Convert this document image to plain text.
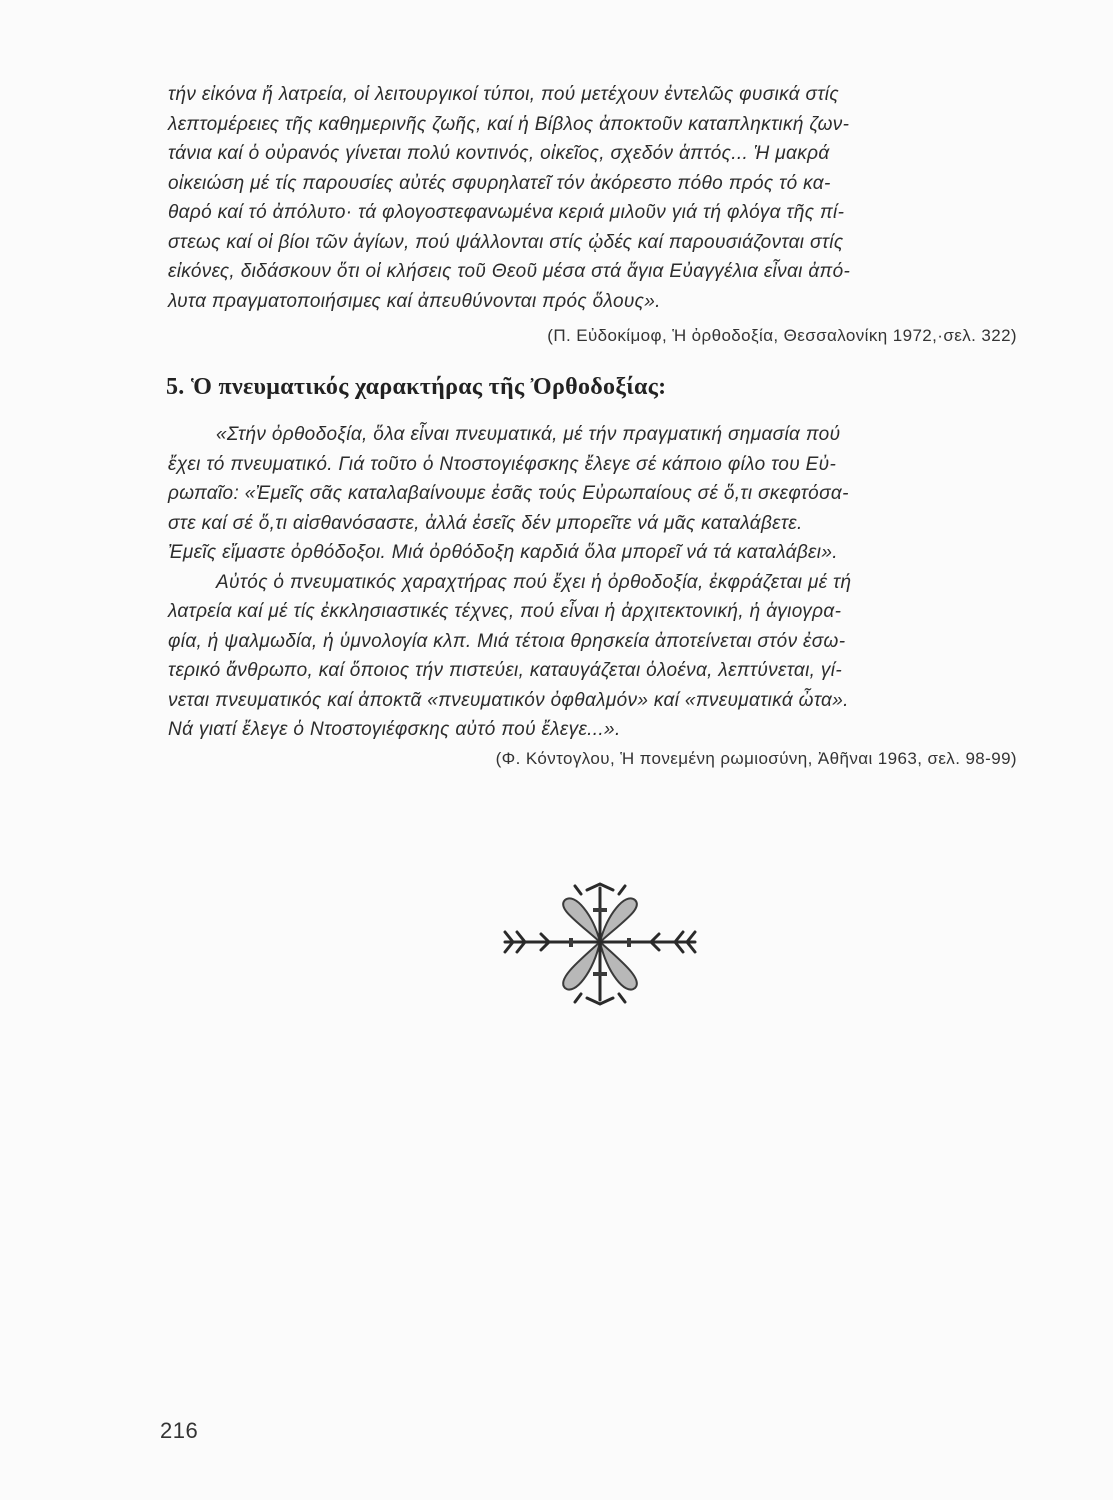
τήν εἰκόνα ἤ λατρεία, οἱ λειτουργικοί τύποι, πού μετέχουν ἐντελῶς φυσικά στίς
λεπτομέρειες τῆς καθημερινῆς ζωῆς, καί ἡ Βίβλος ἀποκτοῦν καταπληκτική ζων-
τάνια καί ὁ οὐρανός γίνεται πολύ κοντινός, οἰκεῖος, σχεδόν ἁπτός... Ἡ μακρά
οἰκειώση μέ τίς παρουσίες αὐτές σφυρηλατεῖ τόν ἀκόρεστο πόθο πρός τό κα-
θαρό καί τό ἀπόλυτο· τά φλογοστεφανωμένα κεριά μιλοῦν γιά τή φλόγα τῆς πί-
στεως καί οἱ βίοι τῶν ἁγίων, πού ψάλλονται στίς ᾠδές καί παρουσιάζονται στίς
εἰκόνες, διδάσκουν ὅτι οἱ κλήσεις τοῦ Θεοῦ μέσα στά ἅγια Εὐαγγέλια εἶναι ἀπό-
λυτα πραγματοποιήσιμες καί ἀπευθύνονται πρός ὅλους».
(Π. Εὐδοκίμοφ, Ἡ ὀρθοδοξία, Θεσσαλονίκη 1972,·σελ. 322)
5. Ὁ πνευματικός χαρακτήρας τῆς Ὀρθοδοξίας:
«Στήν ὀρθοδοξία, ὅλα εἶναι πνευματικά, μέ τήν πραγματική σημασία πού
ἔχει τό πνευματικό. Γιά τοῦτο ὁ Ντοστογιέφσκης ἔλεγε σέ κάποιο φίλο του Εὐ-
ρωπαῖο: «Ἐμεῖς σᾶς καταλαβαίνουμε ἐσᾶς τούς Εὐρωπαίους σέ ὅ,τι σκεφτόσα-
στε καί σέ ὅ,τι αἰσθανόσαστε, ἀλλά ἐσεῖς δέν μπορεῖτε νά μᾶς καταλάβετε.
Ἐμεῖς εἴμαστε ὀρθόδοξοι. Μιά ὀρθόδοξη καρδιά ὅλα μπορεῖ νά τά καταλάβει».
Αὐτός ὁ πνευματικός χαραχτήρας πού ἔχει ἡ ὀρθοδοξία, ἐκφράζεται μέ τή
λατρεία καί μέ τίς ἐκκλησιαστικές τέχνες, πού εἶναι ἡ ἀρχιτεκτονική, ἡ ἁγιογρα-
φία, ἡ ψαλμωδία, ἡ ὑμνολογία κλπ. Μιά τέτοια θρησκεία ἀποτείνεται στόν ἐσω-
τερικό ἄνθρωπο, καί ὅποιος τήν πιστεύει, καταυγάζεται ὁλοένα, λεπτύνεται, γί-
νεται πνευματικός καί ἀποκτᾶ «πνευματικόν ὀφθαλμόν» καί «πνευματικά ὦτα».
Νά γιατί ἔλεγε ὁ Ντοστογιέφσκης αὐτό πού ἔλεγε...».
(Φ. Κόντογλου, Ἡ πονεμένη ρωμιοσύνη, Ἀθῆναι 1963, σελ. 98-99)
216
